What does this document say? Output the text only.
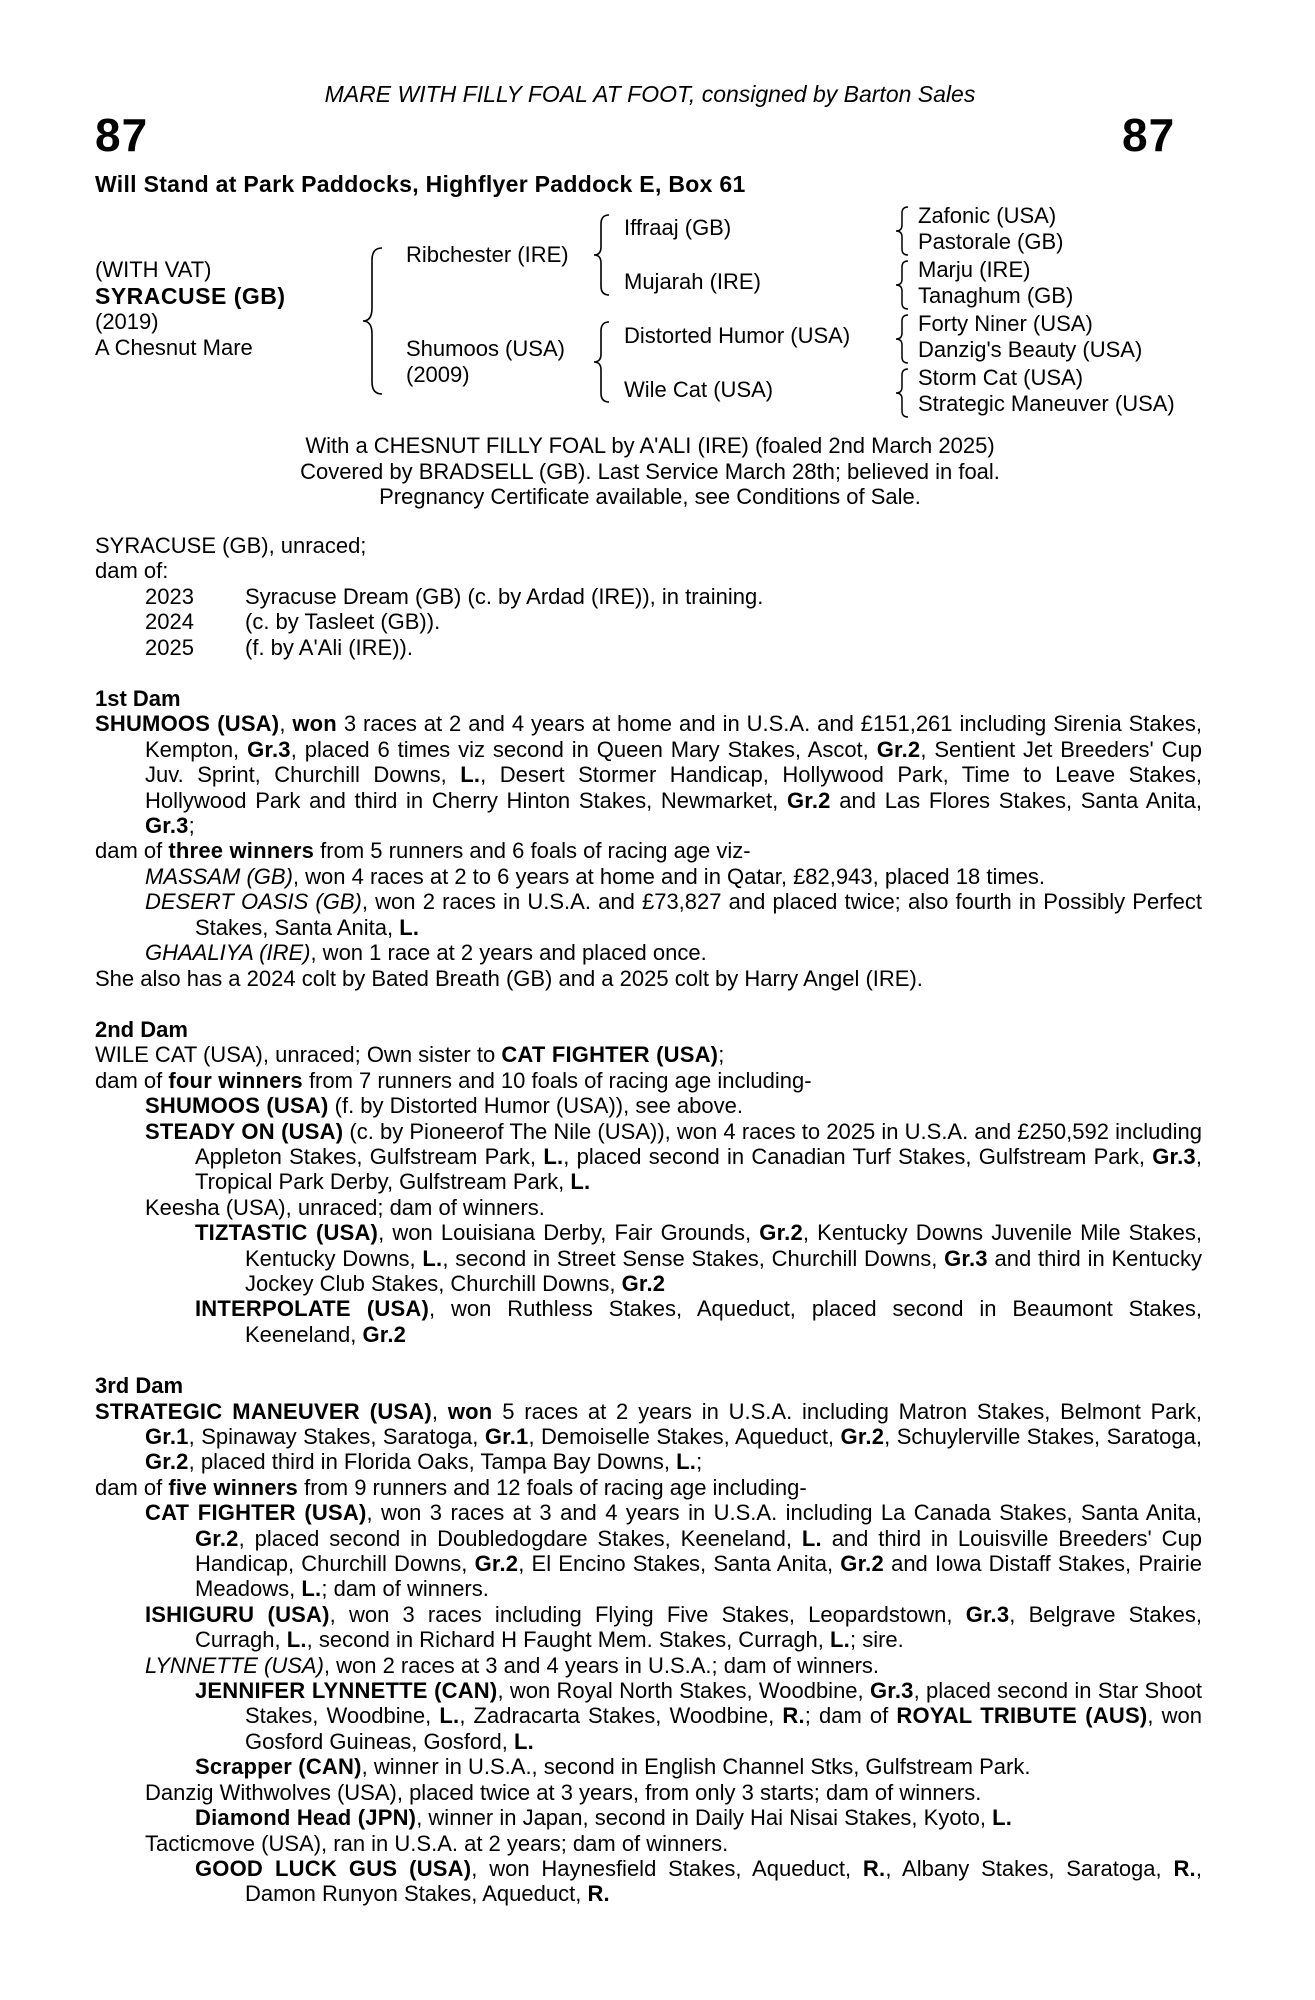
MARE WITH FILLY FOAL AT FOOT, consigned by Barton Sales
87	87
Will Stand at Park Paddocks, Highflyer Paddock E, Box 61
(WITH VAT)
SYRACUSE (GB)
(2019)
A Chesnut Mare
Ribchester (IRE)
Shumoos (USA)
(2009)
Iffraaj (GB)
Mujarah (IRE)
Distorted Humor (USA)
Wile Cat (USA)
Zafonic (USA)
Pastorale (GB)
Marju (IRE)
Tanaghum (GB)
Forty Niner (USA)
Danzig's Beauty (USA)
Storm Cat (USA)
Strategic Maneuver (USA)
With a CHESNUT FILLY FOAL by A'ALI (IRE) (foaled 2nd March 2025)
Covered by BRADSELL (GB). Last Service March 28th; believed in foal.
Pregnancy Certificate available, see Conditions of Sale.

SYRACUSE (GB), unraced;

dam of:

2023 Syracuse Dream (GB) (c. by Ardad (IRE)), in training.
2024 (c. by Tasleet (GB)).
2025 (f. by A'Ali (IRE)).

1st Dam

SHUMOOS (USA), won 3 races at 2 and 4 years at home and in U.S.A. and £151,261 including Sirenia Stakes, Kempton, Gr.3, placed 6 times viz second in Queen Mary Stakes, Ascot, Gr.2, Sentient Jet Breeders' Cup Juv. Sprint, Churchill Downs, L., Desert Stormer Handicap, Hollywood Park, Time to Leave Stakes, Hollywood Park and third in Cherry Hinton Stakes, Newmarket, Gr.2 and Las Flores Stakes, Santa Anita, Gr.3;

dam of three winners from 5 runners and 6 foals of racing age viz-

MASSAM (GB), won 4 races at 2 to 6 years at home and in Qatar, £82,943, placed 18 times.

DESERT OASIS (GB), won 2 races in U.S.A. and £73,827 and placed twice; also fourth in Possibly Perfect Stakes, Santa Anita, L.

GHAALIYA (IRE), won 1 race at 2 years and placed once.

She also has a 2024 colt by Bated Breath (GB) and a 2025 colt by Harry Angel (IRE).

2nd Dam

WILE CAT (USA), unraced; Own sister to CAT FIGHTER (USA);

dam of four winners from 7 runners and 10 foals of racing age including-

SHUMOOS (USA) (f. by Distorted Humor (USA)), see above.

STEADY ON (USA) (c. by Pioneerof The Nile (USA)), won 4 races to 2025 in U.S.A. and £250,592 including Appleton Stakes, Gulfstream Park, L., placed second in Canadian Turf Stakes, Gulfstream Park, Gr.3, Tropical Park Derby, Gulfstream Park, L.

Keesha (USA), unraced; dam of winners.

TIZTASTIC (USA), won Louisiana Derby, Fair Grounds, Gr.2, Kentucky Downs Juvenile Mile Stakes, Kentucky Downs, L., second in Street Sense Stakes, Churchill Downs, Gr.3 and third in Kentucky Jockey Club Stakes, Churchill Downs, Gr.2

INTERPOLATE (USA), won Ruthless Stakes, Aqueduct, placed second in Beaumont Stakes, Keeneland, Gr.2

3rd Dam

STRATEGIC MANEUVER (USA), won 5 races at 2 years in U.S.A. including Matron Stakes, Belmont Park, Gr.1, Spinaway Stakes, Saratoga, Gr.1, Demoiselle Stakes, Aqueduct, Gr.2, Schuylerville Stakes, Saratoga, Gr.2, placed third in Florida Oaks, Tampa Bay Downs, L.;

dam of five winners from 9 runners and 12 foals of racing age including-

CAT FIGHTER (USA), won 3 races at 3 and 4 years in U.S.A. including La Canada Stakes, Santa Anita, Gr.2, placed second in Doubledogdare Stakes, Keeneland, L. and third in Louisville Breeders' Cup Handicap, Churchill Downs, Gr.2, El Encino Stakes, Santa Anita, Gr.2 and Iowa Distaff Stakes, Prairie Meadows, L.; dam of winners.

ISHIGURU (USA), won 3 races including Flying Five Stakes, Leopardstown, Gr.3, Belgrave Stakes, Curragh, L., second in Richard H Faught Mem. Stakes, Curragh, L.; sire.

LYNNETTE (USA), won 2 races at 3 and 4 years in U.S.A.; dam of winners.

JENNIFER LYNNETTE (CAN), won Royal North Stakes, Woodbine, Gr.3, placed second in Star Shoot Stakes, Woodbine, L., Zadracarta Stakes, Woodbine, R.; dam of ROYAL TRIBUTE (AUS), won Gosford Guineas, Gosford, L.

Scrapper (CAN), winner in U.S.A., second in English Channel Stks, Gulfstream Park.

Danzig Withwolves (USA), placed twice at 3 years, from only 3 starts; dam of winners.

Diamond Head (JPN), winner in Japan, second in Daily Hai Nisai Stakes, Kyoto, L.

Tacticmove (USA), ran in U.S.A. at 2 years; dam of winners.

GOOD LUCK GUS (USA), won Haynesfield Stakes, Aqueduct, R., Albany Stakes, Saratoga, R., Damon Runyon Stakes, Aqueduct, R.
